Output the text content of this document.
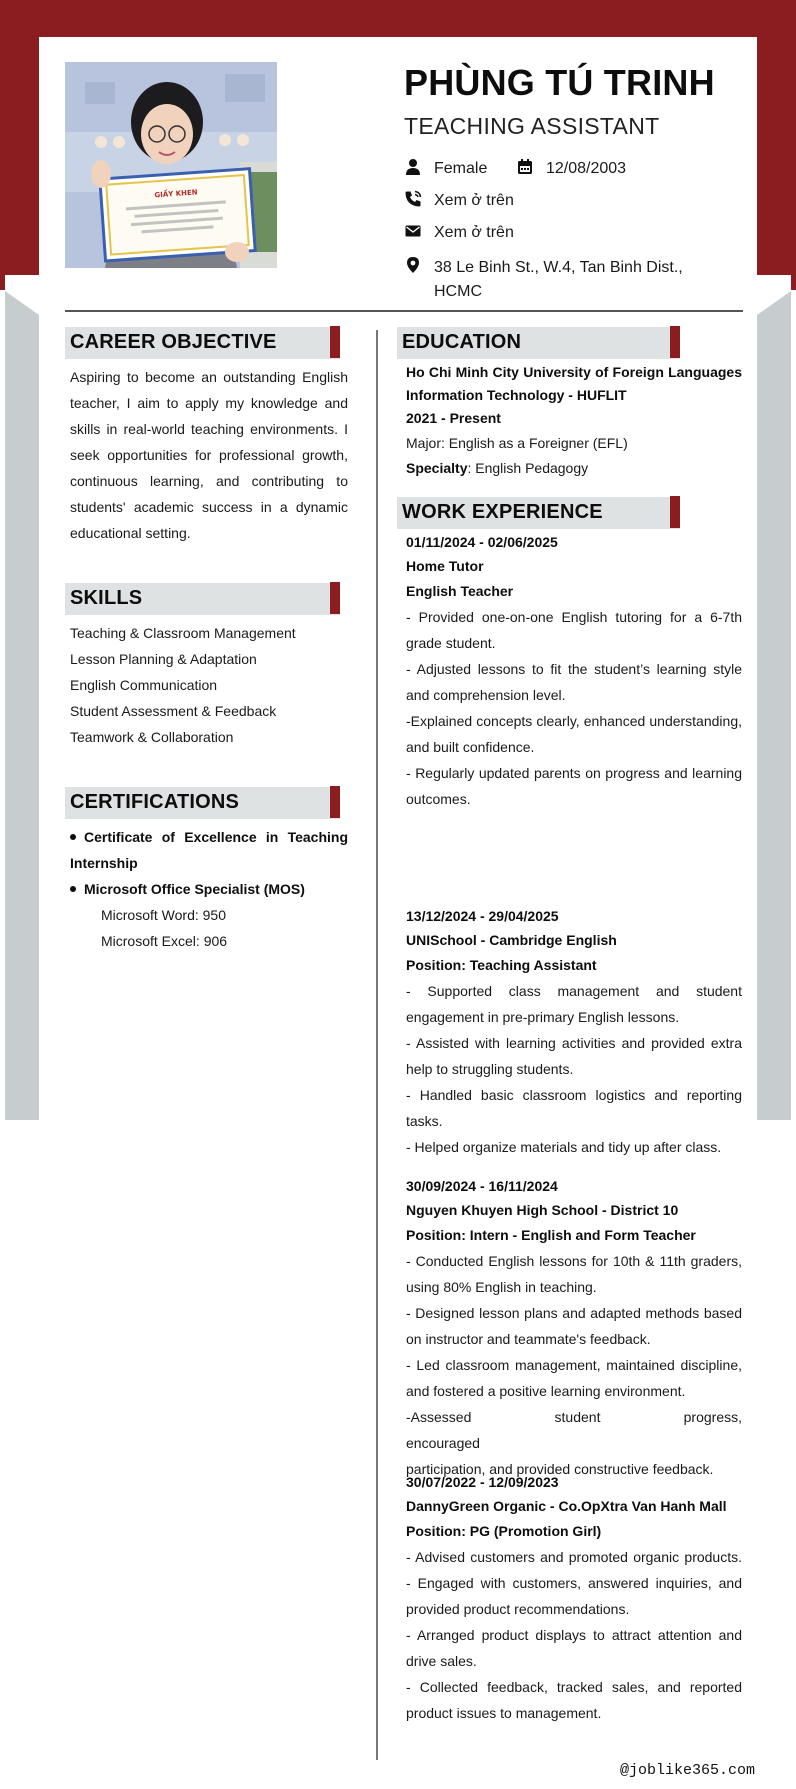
GIẤY KHEN
PHÙNG TÚ TRINH
TEACHING ASSISTANT
Female	12/08/2003
Xem ở trên
Xem ở trên
38 Le Binh St., W.4, Tan Binh Dist.,
HCMC
CAREER OBJECTIVE
Aspiring to become an outstanding English
teacher, I aim to apply my knowledge and
skills in real-world teaching environments. I
seek opportunities for professional growth,
continuous learning, and contributing to
students' academic success in a dynamic
educational setting.
SKILLS
Teaching & Classroom Management
Lesson Planning & Adaptation
English Communication
Student Assessment & Feedback
Teamwork & Collaboration
CERTIFICATIONS
Certificate of Excellence in Teaching
Internship
Microsoft Office Specialist (MOS)
Microsoft Word: 950
Microsoft Excel: 906
EDUCATION
Ho Chi Minh City University of Foreign Languages
Information Technology - HUFLIT
2021 - Present
Major: English as a Foreigner (EFL)
Specialty: English Pedagogy
WORK EXPERIENCE
01/11/2024 - 02/06/2025
Home Tutor
English Teacher
- Provided one-on-one English tutoring for a 6-7th
grade student.
- Adjusted lessons to fit the student’s learning style
and comprehension level.
-Explained concepts clearly, enhanced understanding,
and built confidence.
- Regularly updated parents on progress and learning
outcomes.
13/12/2024 - 29/04/2025
UNISchool - Cambridge English
Position: Teaching Assistant
- Supported class management and student
engagement in pre-primary English lessons.
- Assisted with learning activities and provided extra
help to struggling students.
- Handled basic classroom logistics and reporting
tasks.
- Helped organize materials and tidy up after class.
30/09/2024 - 16/11/2024
Nguyen Khuyen High School - District 10
Position: Intern - English and Form Teacher
- Conducted English lessons for 10th & 11th graders,
using 80% English in teaching.
- Designed lesson plans and adapted methods based
on instructor and teammate's feedback.
- Led classroom management, maintained discipline,
and fostered a positive learning environment.
-Assessed student progress, encouraged
participation, and provided constructive feedback.
30/07/2022 - 12/09/2023
DannyGreen Organic - Co.OpXtra Van Hanh Mall
Position: PG (Promotion Girl)
- Advised customers and promoted organic products.
- Engaged with customers, answered inquiries, and
provided product recommendations.
- Arranged product displays to attract attention and
drive sales.
- Collected feedback, tracked sales, and reported
product issues to management.
@joblike365.com
